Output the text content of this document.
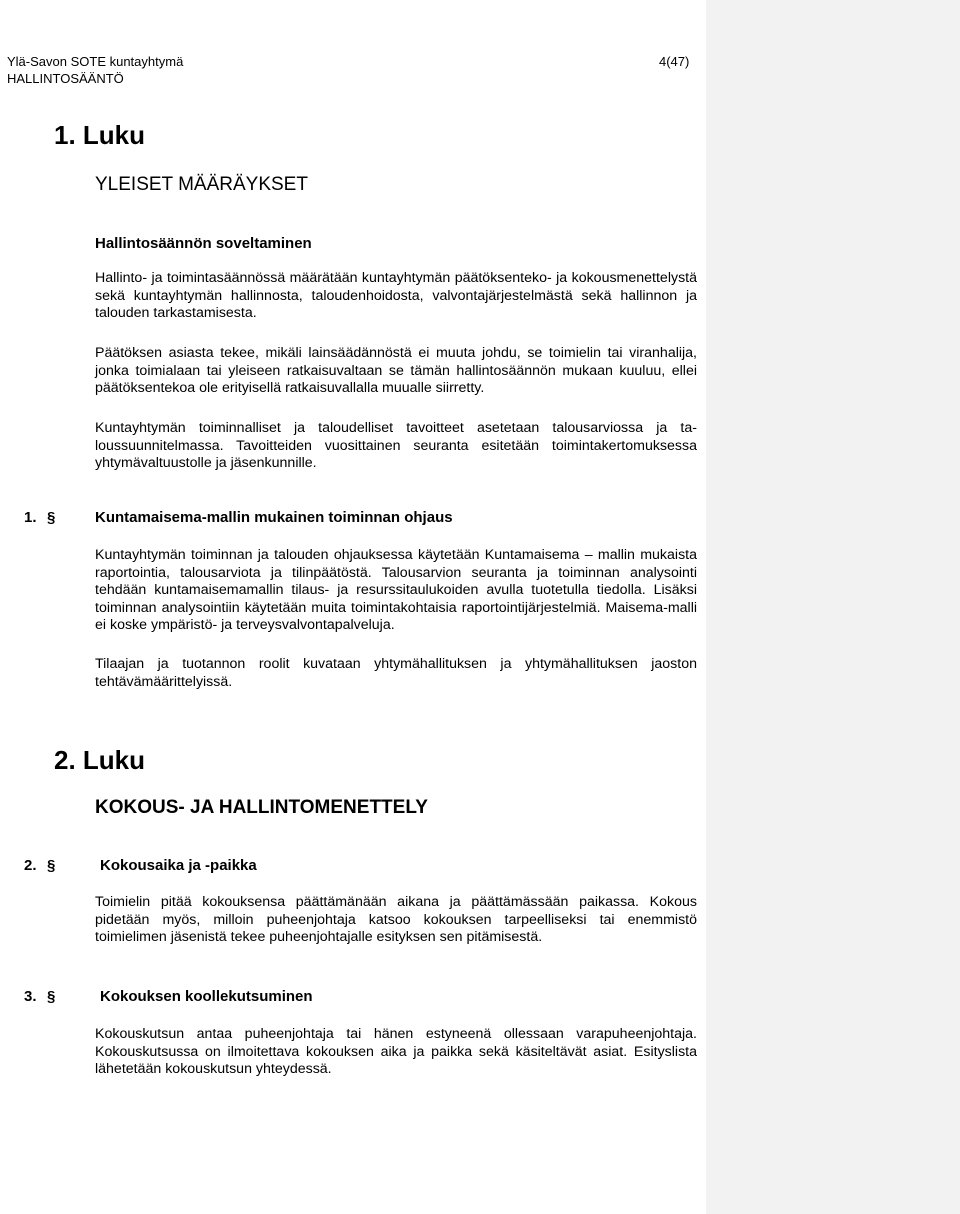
Ylä-Savon SOTE kuntayhtymä
HALLINTOSÄÄNTÖ
4(47)
1. Luku
YLEISET MÄÄRÄYKSET
Hallintosäännön soveltaminen
Hallinto- ja toimintasäännössä määrätään kuntayhtymän päätöksenteko- ja kokousmenettelystä sekä kuntayhtymän hallinnosta, taloudenhoidosta, valvontajärjestelmästä sekä hallinnon ja talouden tarkastamisesta.
Päätöksen asiasta tekee, mikäli lainsäädännöstä ei muuta johdu, se toimielin tai viranhalija, jonka toimialaan tai yleiseen ratkaisuvaltaan se tämän hallintosäännön mukaan kuuluu, ellei päätöksentekoa ole erityisellä ratkaisuvallalla muualle siirretty.
Kuntayhtymän toiminnalliset ja taloudelliset tavoitteet asetetaan talousarviossa ja taloussuunnitelmassa. Tavoitteiden vuosittainen seuranta esitetään toimintakertomuksessa yhtymävaltuustolle ja jäsenkunnille.
1. §	Kuntamaisema-mallin mukainen toiminnan ohjaus
Kuntayhtymän toiminnan ja talouden ohjauksessa käytetään Kuntamaisema – mallin mukaista raportointia, talousarviota ja tilinpäätöstä. Talousarvion seuranta ja toiminnan analysointi tehdään kuntamaisemamallin tilaus- ja resurssitaulukoiden avulla tuotetulla tiedolla. Lisäksi toiminnan analysointiin käytetään muita toimintakohtaisia raportointijärjestelmiä. Maisema-malli ei koske ympäristö- ja terveysvalvontapalveluja.
Tilaajan ja tuotannon roolit kuvataan yhtymähallituksen ja yhtymähallituksen jaoston tehtävämäärittelyissä.
2. Luku
KOKOUS- JA HALLINTOMENETTELY
2. §	Kokousaika ja -paikka
Toimielin pitää kokouksensa päättämänään aikana ja päättämässään paikassa. Kokous pidetään myös, milloin puheenjohtaja katsoo kokouksen tarpeelliseksi tai enemmistö toimielimen jäsenistä tekee puheenjohtajalle esityksen sen pitämisestä.
3. §	Kokouksen koollekutsuminen
Kokouskutsun antaa puheenjohtaja tai hänen estyneenä ollessaan varapuheenjohtaja. Kokouskutsussa on ilmoitettava kokouksen aika ja paikka sekä käsiteltävät asiat. Esityslista lähetetään kokouskutsun yhteydessä.
